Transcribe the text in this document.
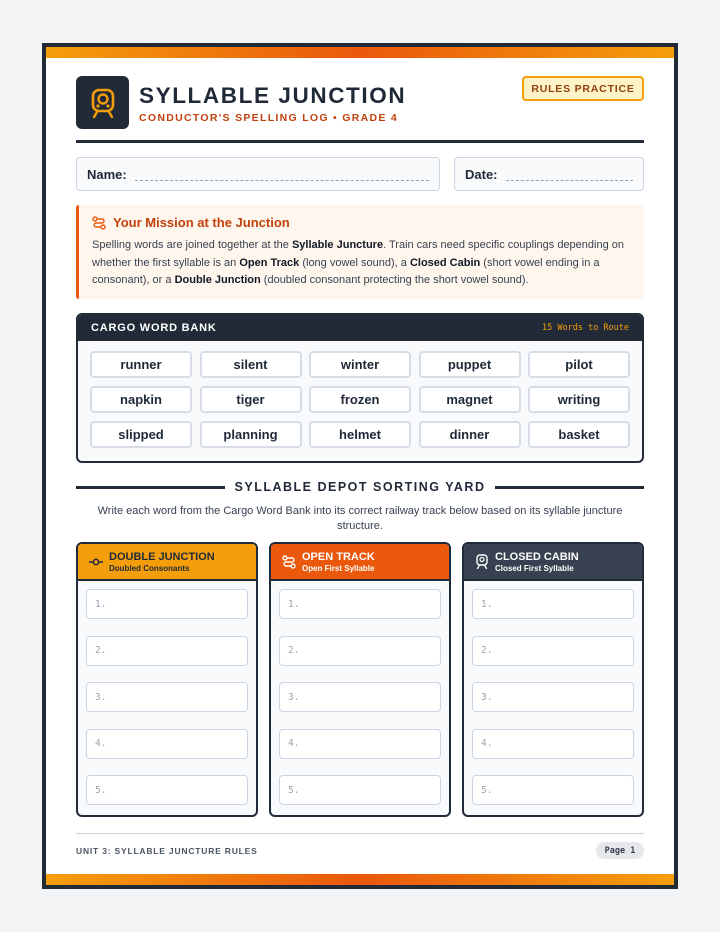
SYLLABLE JUNCTION
CONDUCTOR'S SPELLING LOG • GRADE 4
RULES PRACTICE
Name:	Date:
Your Mission at the Junction

Spelling words are joined together at the Syllable Juncture. Train cars need specific couplings depending on whether the first syllable is an Open Track (long vowel sound), a Closed Cabin (short vowel ending in a consonant), or a Double Junction (doubled consonant protecting the short vowel sound).

CARGO WORD BANK	15 Words to Route
runner	silent	winter	puppet	pilot
napkin	tiger	frozen	magnet	writing
slipped	planning	helmet	dinner	basket
SYLLABLE DEPOT SORTING YARD
Write each word from the Cargo Word Bank into its correct railway track below based on its syllable juncture structure.
DOUBLE JUNCTION
Doubled Consonants
1.
2.
3.
4.
5.
OPEN TRACK
Open First Syllable
1.
2.
3.
4.
5.
CLOSED CABIN
Closed First Syllable
1.
2.
3.
4.
5.
UNIT 3: SYLLABLE JUNCTURE RULES	Page 1
